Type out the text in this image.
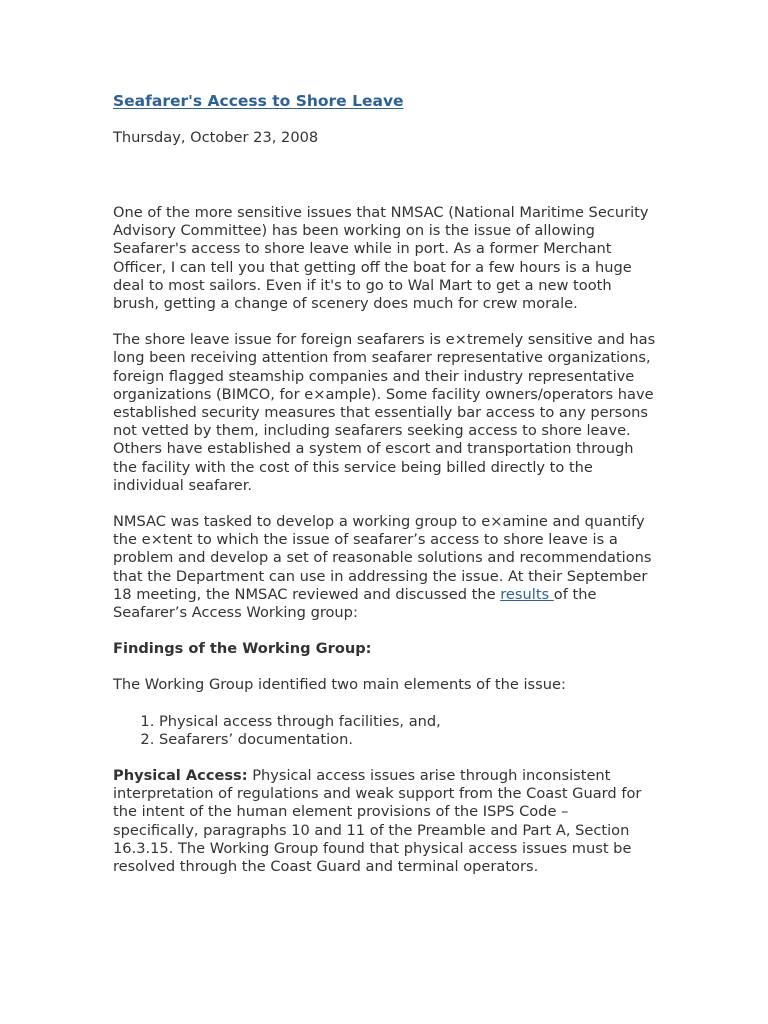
Seafarer's Access to Shore Leave
Thursday, October 23, 2008

One of the more sensitive issues that NMSAC (National Maritime Security Advisory Committee) has been working on is the issue of allowing Seafarer's access to shore leave while in port. As a former Merchant Officer, I can tell you that getting off the boat for a few hours is a huge deal to most sailors. Even if it's to go to Wal Mart to get a new tooth brush, getting a change of scenery does much for crew morale.

The shore leave issue for foreign seafarers is e×tremely sensitive and has long been receiving attention from seafarer representative organizations, foreign flagged steamship companies and their industry representative organizations (BIMCO, for e×ample). Some facility owners/operators have established security measures that essentially bar access to any persons not vetted by them, including seafarers seeking access to shore leave. Others have established a system of escort and transportation through the facility with the cost of this service being billed directly to the individual seafarer.

NMSAC was tasked to develop a working group to e×amine and quantify the e×tent to which the issue of seafarer’s access to shore leave is a problem and develop a set of reasonable solutions and recommendations that the Department can use in addressing the issue. At their September 18 meeting, the NMSAC reviewed and discussed the results of the Seafarer’s Access Working group:

Findings of the Working Group:

The Working Group identified two main elements of the issue:

1. Physical access through facilities, and,
2. Seafarers’ documentation.

Physical Access: Physical access issues arise through inconsistent interpretation of regulations and weak support from the Coast Guard for the intent of the human element provisions of the ISPS Code – specifically, paragraphs 10 and 11 of the Preamble and Part A, Section 16.3.15. The Working Group found that physical access issues must be resolved through the Coast Guard and terminal operators.
